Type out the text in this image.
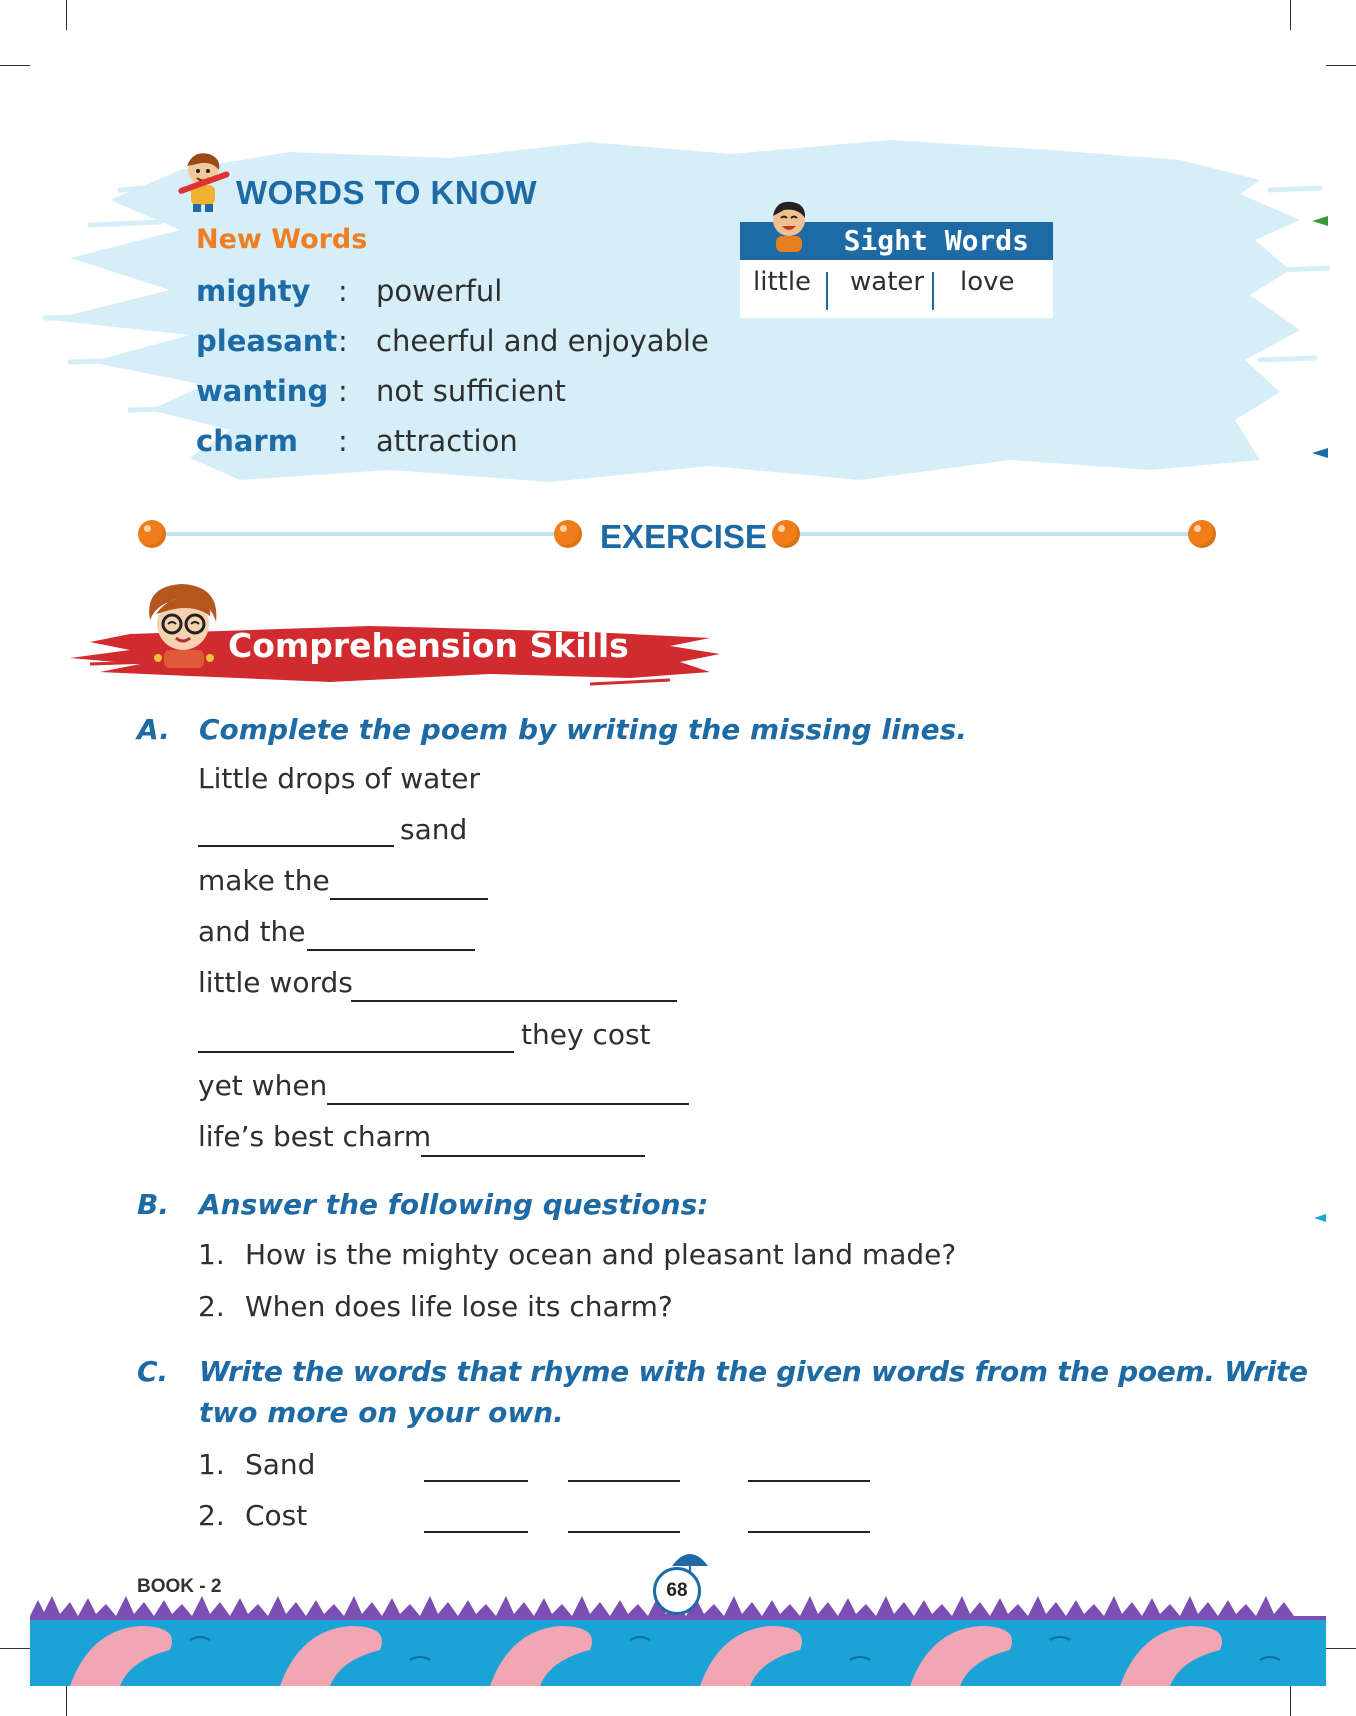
WORDS TO KNOW
New Words
mighty : powerful
pleasant : cheerful and enjoyable
wanting : not sufficient
charm : attraction
Sight Words
little water love
EXERCISE
Comprehension Skills
A. Complete the poem by writing the missing lines.
Little drops of water
sand
make the
and the
little words
they cost
yet when
life’s best charm
B. Answer the following questions:
1. How is the mighty ocean and pleasant land made?
2. When does life lose its charm?
C. Write the words that rhyme with the given words from the poem. Write
two more on your own.
1. Sand
2. Cost
BOOK - 2	68
